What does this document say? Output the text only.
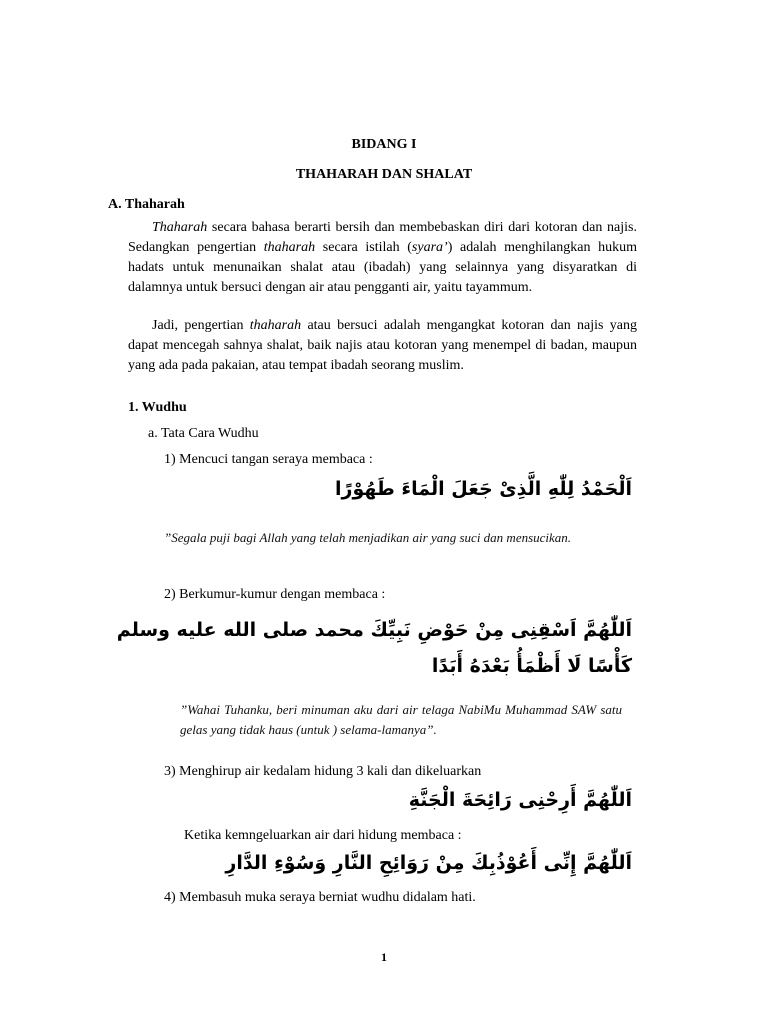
BIDANG I
THAHARAH DAN SHALAT
A. Thaharah

Thaharah secara bahasa berarti bersih dan membebaskan diri dari kotoran dan najis. Sedangkan pengertian thaharah secara istilah (syara’) adalah menghilangkan hukum hadats untuk menunaikan shalat atau (ibadah) yang selainnya yang disyaratkan di dalamnya untuk bersuci dengan air atau pengganti air, yaitu tayammum.

Jadi, pengertian thaharah atau bersuci adalah mengangkat kotoran dan najis yang dapat mencegah sahnya shalat, baik najis atau kotoran yang menempel di badan, maupun yang ada pada pakaian, atau tempat ibadah seorang muslim.

1. Wudhu
a. Tata Cara Wudhu
1) Mencuci tangan seraya membaca :
اَلْحَمْدُ لِلّٰهِ الَّذِىْ جَعَلَ الْمَاءَ طَهُوْرًا
”Segala puji bagi Allah yang telah menjadikan air yang suci dan mensucikan.
2) Berkumur-kumur dengan membaca :
اَللّٰهُمَّ اَسْقِنِى مِنْ حَوْضِ نَبِيِّكَ محمد صلى الله عليه وسلم كَأْسًا لَا أَظْمَأُ بَعْدَهُ أَبَدًا
”Wahai Tuhanku, beri minuman aku dari air telaga NabiMu Muhammad SAW satu gelas yang tidak haus (untuk ) selama-lamanya”.
3) Menghirup air kedalam hidung 3 kali dan dikeluarkan
اَللّٰهُمَّ أَرِحْنِى رَائِحَةَ الْجَنَّةِ
Ketika kemngeluarkan air dari hidung membaca :
اَللّٰهُمَّ إِنِّى أَعُوْذُبِكَ مِنْ رَوَائِحِ النَّارِ وَسُوْءِ الدَّارِ
4) Membasuh muka seraya berniat wudhu didalam hati.
1
